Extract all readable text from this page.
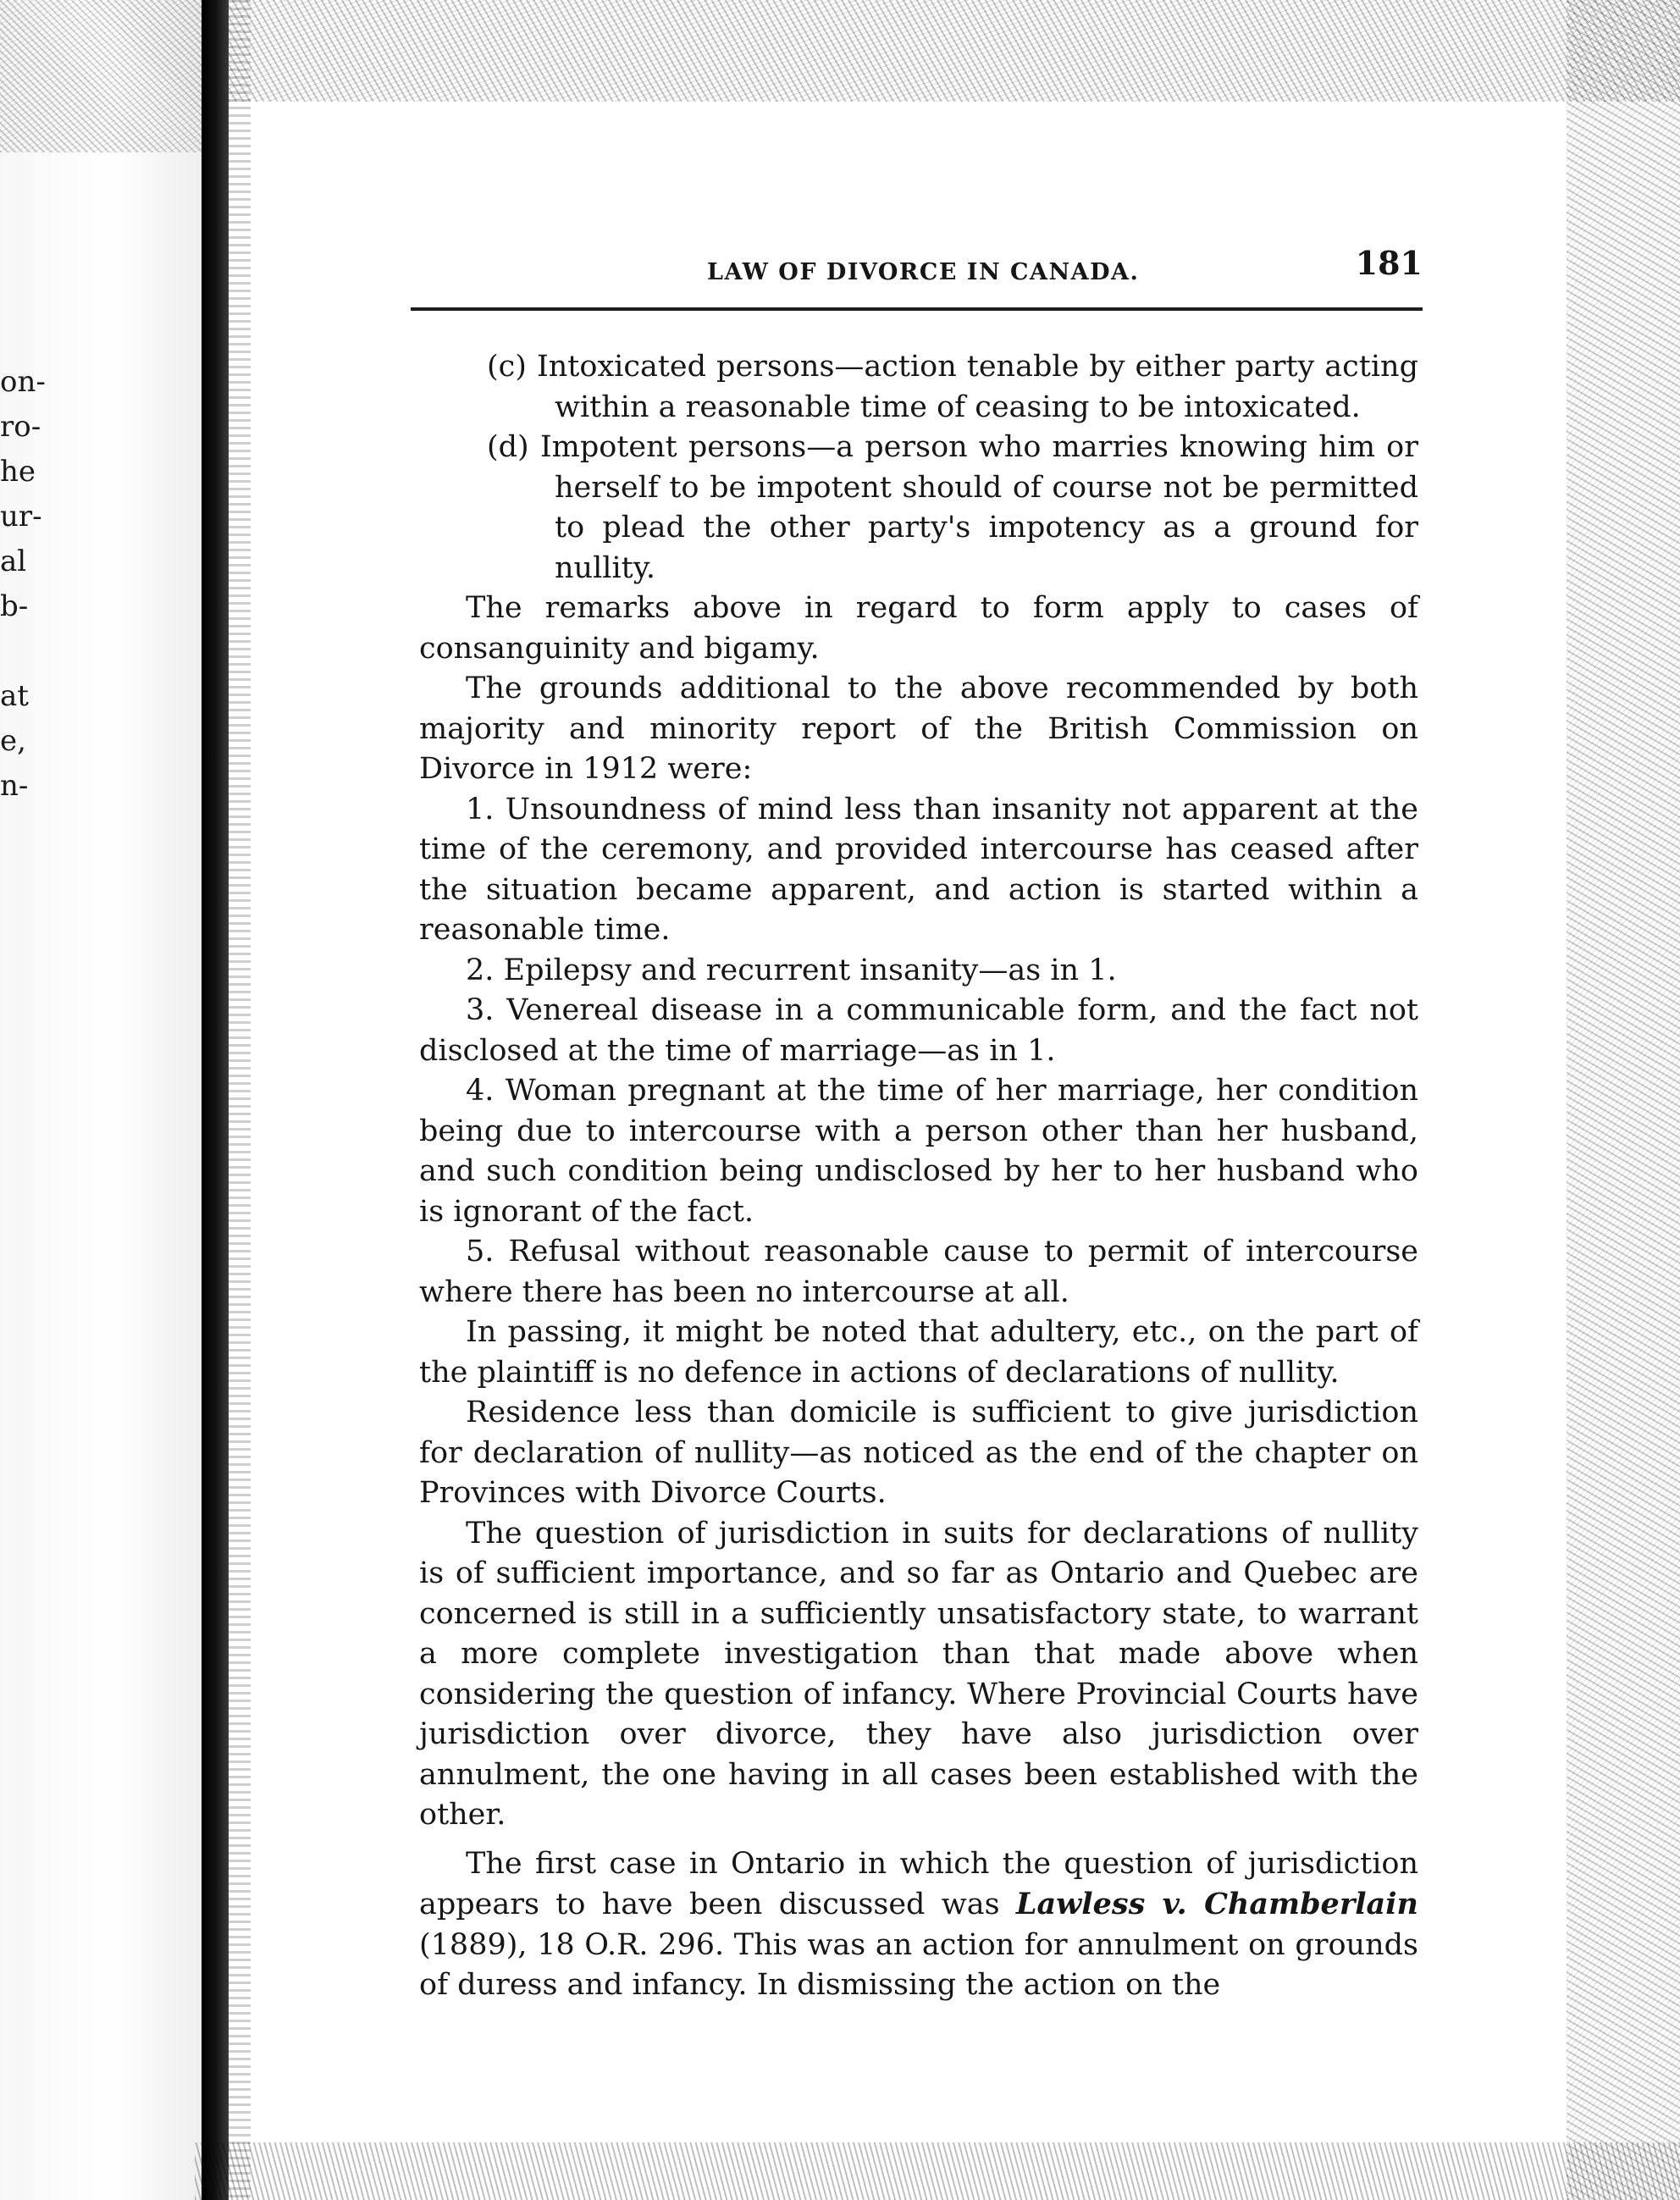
on-
ro-
he
ur-
al
b-
at
e,
n-
LAW OF DIVORCE IN CANADA.	181
(c) Intoxicated persons—action tenable by either party acting within a reasonable time of ceasing to be intoxicated.
(d) Impotent persons—a person who marries knowing him or herself to be impotent should of course not be permitted to plead the other party's impotency as a ground for nullity.

The remarks above in regard to form apply to cases of consanguinity and bigamy.

The grounds additional to the above recommended by both majority and minority report of the British Commission on Divorce in 1912 were:

1. Unsoundness of mind less than insanity not apparent at the time of the ceremony, and provided intercourse has ceased after the situation became apparent, and action is started within a reasonable time.

2. Epilepsy and recurrent insanity—as in 1.

3. Venereal disease in a communicable form, and the fact not disclosed at the time of marriage—as in 1.

4. Woman pregnant at the time of her marriage, her condition being due to intercourse with a person other than her husband, and such condition being undisclosed by her to her husband who is ignorant of the fact.

5. Refusal without reasonable cause to permit of intercourse where there has been no intercourse at all.

In passing, it might be noted that adultery, etc., on the part of the plaintiff is no defence in actions of declarations of nullity.

Residence less than domicile is sufficient to give jurisdiction for declaration of nullity—as noticed as the end of the chapter on Provinces with Divorce Courts.

The question of jurisdiction in suits for declarations of nullity is of sufficient importance, and so far as Ontario and Quebec are concerned is still in a sufficiently unsatisfactory state, to warrant a more complete investigation than that made above when considering the question of infancy. Where Provincial Courts have jurisdiction over divorce, they have also jurisdiction over annulment, the one having in all cases been established with the other.

The first case in Ontario in which the question of jurisdiction appears to have been discussed was Lawless v. Chamberlain (1889), 18 O.R. 296. This was an action for annulment on grounds of duress and infancy. In dismissing the action on the
